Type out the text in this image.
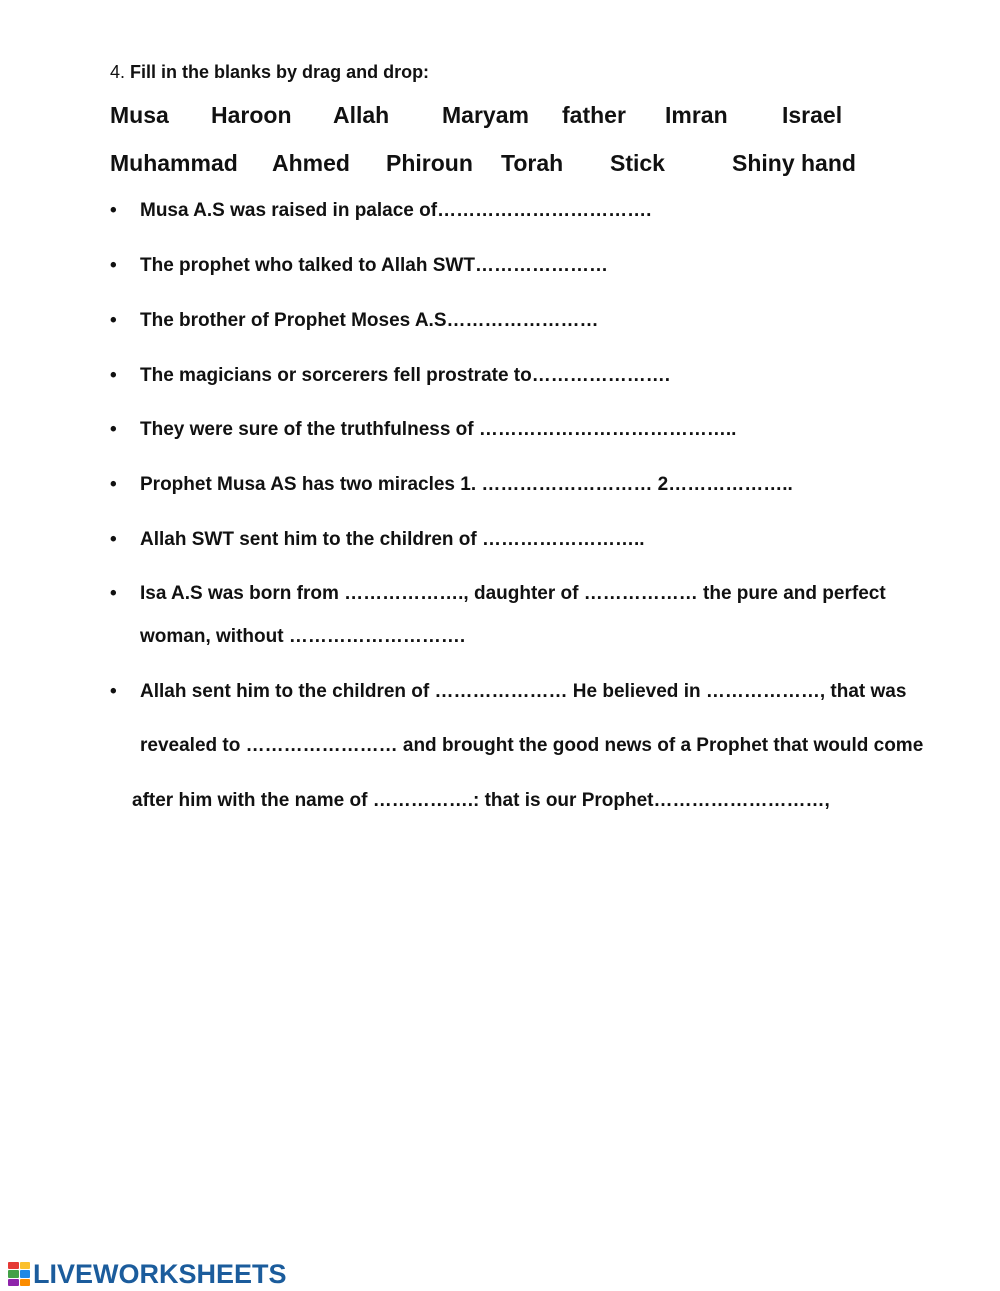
4. Fill in the blanks by drag and drop:
Musa Haroon Allah Maryam father Imran Israel
Muhammad Ahmed Phiroun Torah Stick	Shiny hand
• Musa A.S was raised in palace of…………………………….
• The prophet who talked to Allah SWT…………………
• The brother of Prophet Moses A.S……………………
• The magicians or sorcerers fell prostrate to………………….
• They were sure of the truthfulness of …………………………………..
• Prophet Musa AS has two miracles 1. ……………………… 2………………..
• Allah SWT sent him to the children of ……………………..
• Isa A.S was born from ………………., daughter of ……………… the pure and perfect
woman, without ……………………….
• Allah sent him to the children of ………………… He believed in ………………, that was
revealed to …………………… and brought the good news of a Prophet that would come
after him with the name of …………….: that is our Prophet………………………,
LIVEWORKSHEETS
